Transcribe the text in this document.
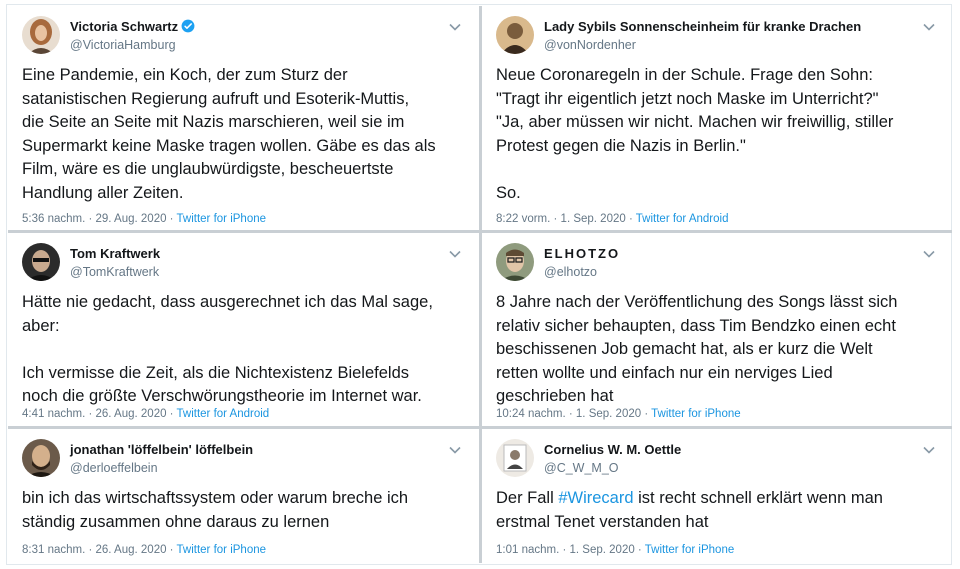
Victoria Schwartz
@VictoriaHamburg
Eine Pandemie, ein Koch, der zum Sturz der
satanistischen Regierung aufruft und Esoterik-Muttis,
die Seite an Seite mit Nazis marschieren, weil sie im
Supermarkt keine Maske tragen wollen. Gäbe es das als
Film, wäre es die unglaubwürdigste, bescheuertste
Handlung aller Zeiten.
5:36 nachm. · 29. Aug. 2020 · Twitter for iPhone
Lady Sybils Sonnenscheinheim für kranke Drachen
@vonNordenher
Neue Coronaregeln in der Schule. Frage den Sohn:
"Tragt ihr eigentlich jetzt noch Maske im Unterricht?"
"Ja, aber müssen wir nicht. Machen wir freiwillig, stiller
Protest gegen die Nazis in Berlin."

So.
8:22 vorm. · 1. Sep. 2020 · Twitter for Android
Tom Kraftwerk
@TomKraftwerk
Hätte nie gedacht, dass ausgerechnet ich das Mal sage,
aber:

Ich vermisse die Zeit, als die Nichtexistenz Bielefelds
noch die größte Verschwörungstheorie im Internet war.
4:41 nachm. · 26. Aug. 2020 · Twitter for Android
ELHOTZO
@elhotzo
8 Jahre nach der Veröffentlichung des Songs lässt sich
relativ sicher behaupten, dass Tim Bendzko einen echt
beschissenen Job gemacht hat, als er kurz die Welt
retten wollte und einfach nur ein nerviges Lied
geschrieben hat
10:24 nachm. · 1. Sep. 2020 · Twitter for iPhone
jonathan 'löffelbein' löffelbein
@derloeffelbein
bin ich das wirtschaftssystem oder warum breche ich
ständig zusammen ohne daraus zu lernen
8:31 nachm. · 26. Aug. 2020 · Twitter for iPhone
Cornelius W. M. Oettle
@C_W_M_O
Der Fall #Wirecard ist recht schnell erklärt wenn man
erstmal Tenet verstanden hat
1:01 nachm. · 1. Sep. 2020 · Twitter for iPhone
